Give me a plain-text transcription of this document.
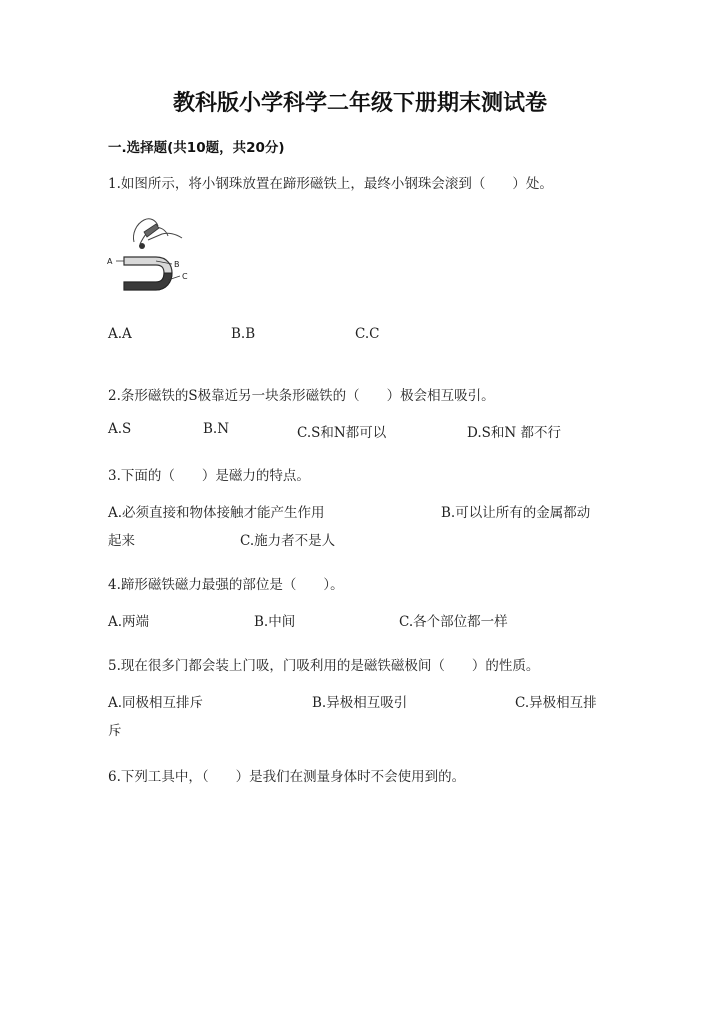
教科版小学科学二年级下册期末测试卷
一.选择题(共10题，共20分)
1.如图所示，将小钢珠放置在蹄形磁铁上，最终小钢珠会滚到（　　）处。
A	B
C
A.A	B.B	C.C
2.条形磁铁的S极靠近另一块条形磁铁的（　　）极会相互吸引。
A.S	B.N	C.S和N都可以	D.S和N 都不行
3.下面的（　　）是磁力的特点。
A.必须直接和物体接触才能产生作用	B.可以让所有的金属都动
起来	C.施力者不是人
4.蹄形磁铁磁力最强的部位是（　　）。
A.两端	B.中间	C.各个部位都一样
5.现在很多门都会装上门吸，门吸利用的是磁铁磁极间（　　）的性质。
A.同极相互排斥	B.异极相互吸引	C.异极相互排
斥
6.下列工具中，（　　）是我们在测量身体时不会使用到的。
